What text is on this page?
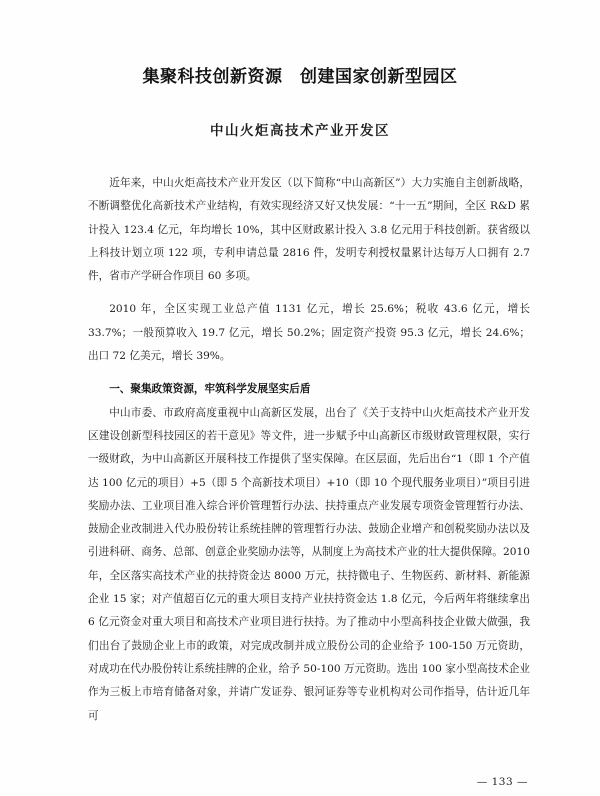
集聚科技创新资源　创建国家创新型园区
中山火炬高技术产业开发区

近年来，中山火炬高技术产业开发区（以下简称“中山高新区”）大力实施自主创新战略，不断调整优化高新技术产业结构，有效实现经济又好又快发展：“十一五”期间，全区 R&D 累计投入 123.4 亿元，年均增长 10%，其中区财政累计投入 3.8 亿元用于科技创新。获省级以上科技计划立项 122 项，专利申请总量 2816 件，发明专利授权量累计达每万人口拥有 2.7 件，省市产学研合作项目 60 多项。

2010 年，全区实现工业总产值 1131 亿元，增长 25.6%；税收 43.6 亿元，增长 33.7%；一般预算收入 19.7 亿元，增长 50.2%；固定资产投资 95.3 亿元，增长 24.6%；出口 72 亿美元，增长 39%。

一、聚集政策资源，牢筑科学发展坚实后盾

中山市委、市政府高度重视中山高新区发展，出台了《关于支持中山火炬高技术产业开发区建设创新型科技园区的若干意见》等文件，进一步赋予中山高新区市级财政管理权限，实行一级财政，为中山高新区开展科技工作提供了坚实保障。在区层面，先后出台“1（即 1 个产值达 100 亿元的项目）+5（即 5 个高新技术项目）+10（即 10 个现代服务业项目）”项目引进奖励办法、工业项目准入综合评价管理暂行办法、扶持重点产业发展专项资金管理暂行办法、鼓励企业改制进入代办股份转让系统挂牌的管理暂行办法、鼓励企业增产和创税奖励办法以及引进科研、商务、总部、创意企业奖励办法等，从制度上为高技术产业的壮大提供保障。2010 年，全区落实高技术产业的扶持资金达 8000 万元，扶持微电子、生物医药、新材料、新能源企业 15 家；对产值超百亿元的重大项目支持产业扶持资金达 1.8 亿元，今后两年将继续拿出 6 亿元资金对重大项目和高技术产业项目进行扶持。为了推动中小型高科技企业做大做强，我们出台了鼓励企业上市的政策，对完成改制并成立股份公司的企业给予 100-150 万元资助，对成功在代办股份转让系统挂牌的企业，给予 50-100 万元资助。选出 100 家小型高技术企业作为三板上市培育储备对象，并请广发证券、银河证券等专业机构对公司作指导，估计近几年可

— 133 —
